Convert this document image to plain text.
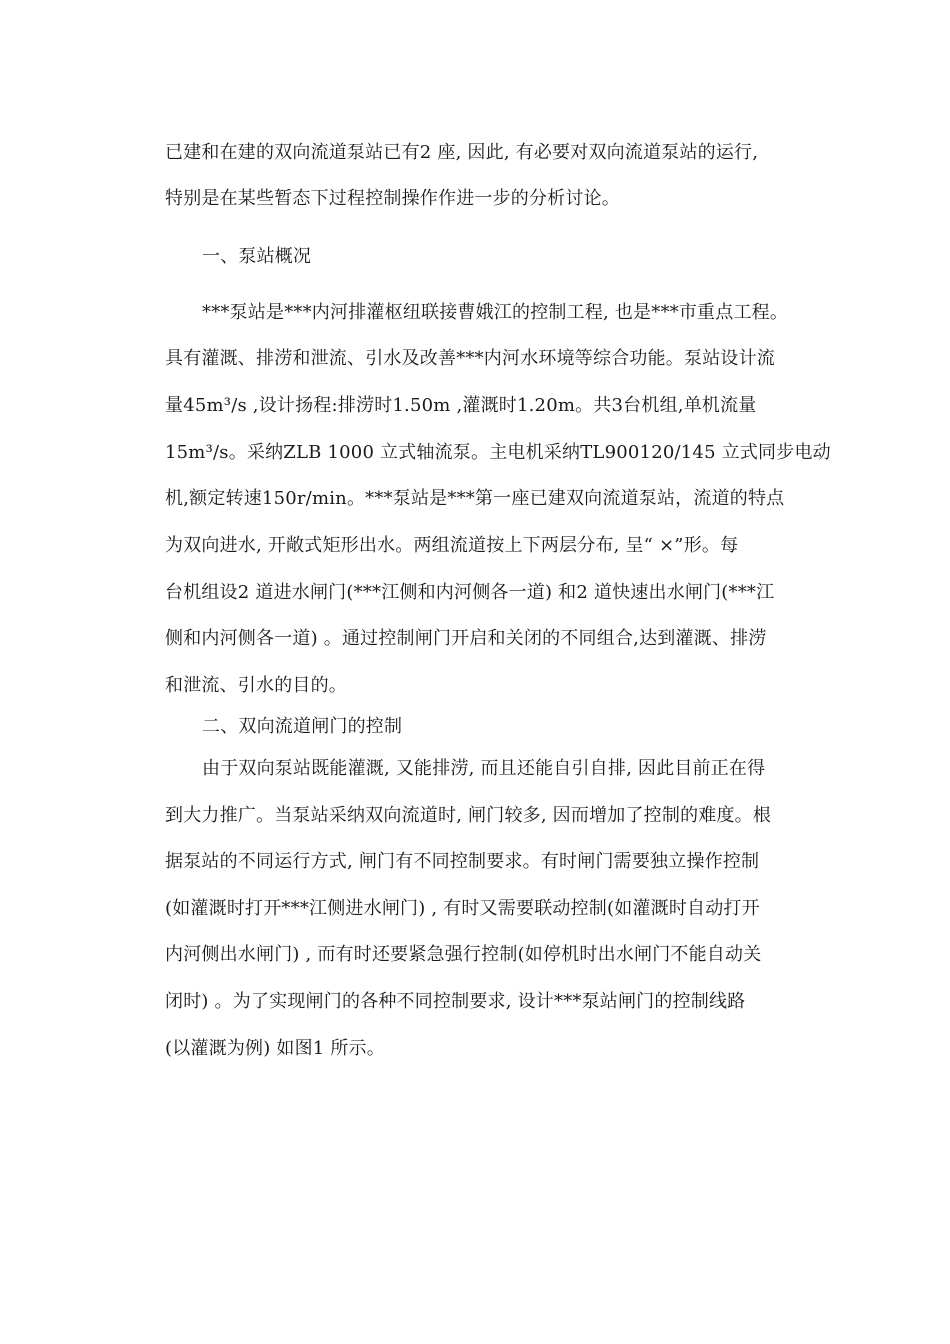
已建和在建的双向流道泵站已有2 座, 因此, 有必要对双向流道泵站的运行,
特别是在某些暂态下过程控制操作作进一步的分析讨论。
一、泵站概况
***泵站是***内河排灌枢纽联接曹娥江的控制工程, 也是***市重点工程。
具有灌溉、排涝和泄流、引水及改善***内河水环境等综合功能。泵站设计流
量45m³/s ,设计扬程:排涝时1.50m ,灌溉时1.20m。共3台机组,单机流量
15m³/s。采纳ZLB 1000 立式轴流泵。主电机采纳TL900120/145 立式同步电动
机,额定转速150r/min。***泵站是***第一座已建双向流道泵站，流道的特点
为双向进水, 开敞式矩形出水。两组流道按上下两层分布, 呈“ ×”形。每
台机组设2 道进水闸门(***江侧和内河侧各一道) 和2 道快速出水闸门(***江
侧和内河侧各一道) 。通过控制闸门开启和关闭的不同组合,达到灌溉、排涝
和泄流、引水的目的。
二、双向流道闸门的控制
由于双向泵站既能灌溉, 又能排涝, 而且还能自引自排, 因此目前正在得
到大力推广。当泵站采纳双向流道时, 闸门较多, 因而增加了控制的难度。根
据泵站的不同运行方式, 闸门有不同控制要求。有时闸门需要独立操作控制
(如灌溉时打开***江侧进水闸门) , 有时又需要联动控制(如灌溉时自动打开
内河侧出水闸门) , 而有时还要紧急强行控制(如停机时出水闸门不能自动关
闭时) 。为了实现闸门的各种不同控制要求, 设计***泵站闸门的控制线路
(以灌溉为例) 如图1 所示。
